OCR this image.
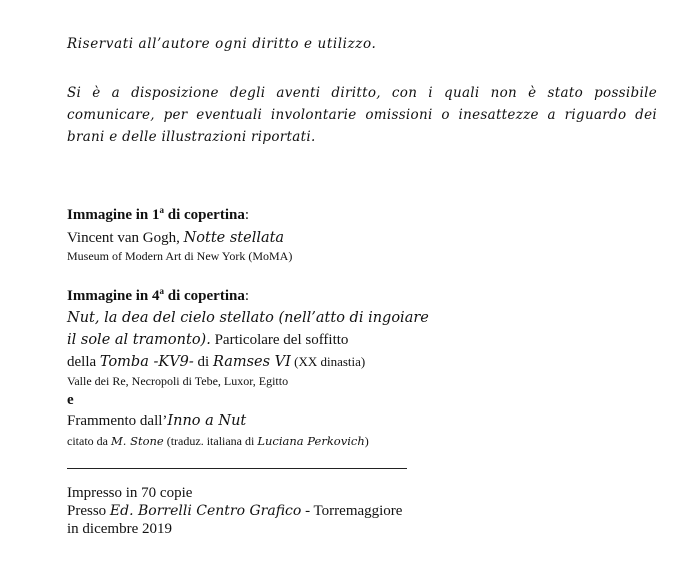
Riservati all’autore ogni diritto e utilizzo.
Si è a disposizione degli aventi diritto, con i quali non è stato possibile comunicare, per eventuali involontarie omissioni o inesattezze a riguardo dei brani e delle illustrazioni riportati.
Immagine in 1$^a$ di copertina:
Vincent van Gogh, Notte stellata
Museum of Modern Art di New York (MoMA)
Immagine in 4$^a$ di copertina:
Nut, la dea del cielo stellato (nell’atto di ingoiare
il sole al tramonto). Particolare del soffitto
della Tomba -KV9- di Ramses VI (XX dinastia)
Valle dei Re, Necropoli di Tebe, Luxor, Egitto
e
Frammento dall’Inno a Nut
citato da M. Stone (traduz. italiana di Luciana Perkovich)
Impresso in 70 copie
Presso Ed. Borrelli Centro Grafico - Torremaggiore
in dicembre 2019
